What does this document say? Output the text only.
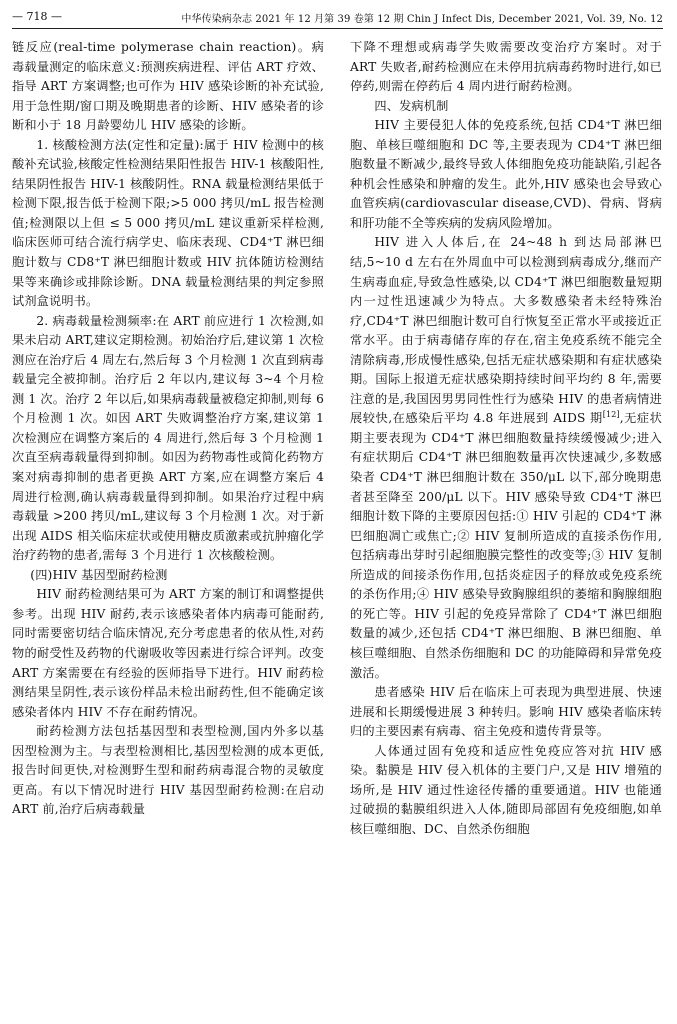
— 718 —	中华传染病杂志 2021 年 12 月第 39 卷第 12 期 Chin J Infect Dis, December 2021, Vol. 39, No. 12

链反应(real-time polymerase chain reaction)。病毒载量测定的临床意义:预测疾病进程、评估 ART 疗效、指导 ART 方案调整;也可作为 HIV 感染诊断的补充试验,用于急性期/窗口期及晚期患者的诊断、HIV 感染者的诊断和小于 18 月龄婴幼儿 HIV 感染的诊断。

1. 核酸检测方法(定性和定量):属于 HIV 检测中的核酸补充试验,核酸定性检测结果阳性报告 HIV-1 核酸阳性,结果阴性报告 HIV-1 核酸阴性。RNA 载量检测结果低于检测下限,报告低于检测下限;>5 000 拷贝/mL 报告检测值;检测限以上但 ≤ 5 000 拷贝/mL 建议重新采样检测,临床医师可结合流行病学史、临床表现、CD4⁺T 淋巴细胞计数与 CD8⁺T 淋巴细胞计数或 HIV 抗体随访检测结果等来确诊或排除诊断。DNA 载量检测结果的判定参照试剂盒说明书。

2. 病毒载量检测频率:在 ART 前应进行 1 次检测,如果未启动 ART,建议定期检测。初始治疗后,建议第 1 次检测应在治疗后 4 周左右,然后每 3 个月检测 1 次直到病毒载量完全被抑制。治疗后 2 年以内,建议每 3~4 个月检测 1 次。治疗 2 年以后,如果病毒载量被稳定抑制,则每 6 个月检测 1 次。如因 ART 失败调整治疗方案,建议第 1 次检测应在调整方案后的 4 周进行,然后每 3 个月检测 1 次直至病毒载量得到抑制。如因为药物毒性或简化药物方案对病毒抑制的患者更换 ART 方案,应在调整方案后 4 周进行检测,确认病毒载量得到抑制。如果治疗过程中病毒载量 >200 拷贝/mL,建议每 3 个月检测 1 次。对于新出现 AIDS 相关临床症状或使用糖皮质激素或抗肿瘤化学治疗药物的患者,需每 3 个月进行 1 次核酸检测。

(四)HIV 基因型耐药检测

HIV 耐药检测结果可为 ART 方案的制订和调整提供参考。出现 HIV 耐药,表示该感染者体内病毒可能耐药,同时需要密切结合临床情况,充分考虑患者的依从性,对药物的耐受性及药物的代谢吸收等因素进行综合评判。改变 ART 方案需要在有经验的医师指导下进行。HIV 耐药检测结果呈阴性,表示该份样品未检出耐药性,但不能确定该感染者体内 HIV 不存在耐药情况。

耐药检测方法包括基因型和表型检测,国内外多以基因型检测为主。与表型检测相比,基因型检测的成本更低,报告时间更快,对检测野生型和耐药病毒混合物的灵敏度更高。有以下情况时进行 HIV 基因型耐药检测:在启动 ART 前,治疗后病毒载量

下降不理想或病毒学失败需要改变治疗方案时。对于 ART 失败者,耐药检测应在未停用抗病毒药物时进行,如已停药,则需在停药后 4 周内进行耐药检测。

四、发病机制

HIV 主要侵犯人体的免疫系统,包括 CD4⁺T 淋巴细胞、单核巨噬细胞和 DC 等,主要表现为 CD4⁺T 淋巴细胞数量不断减少,最终导致人体细胞免疫功能缺陷,引起各种机会性感染和肿瘤的发生。此外,HIV 感染也会导致心血管疾病(cardiovascular disease,CVD)、骨病、肾病和肝功能不全等疾病的发病风险增加。

HIV 进入人体后,在 24~48 h 到达局部淋巴结,5~10 d 左右在外周血中可以检测到病毒成分,继而产生病毒血症,导致急性感染,以 CD4⁺T 淋巴细胞数量短期内一过性迅速减少为特点。大多数感染者未经特殊治疗,CD4⁺T 淋巴细胞计数可自行恢复至正常水平或接近正常水平。由于病毒储存库的存在,宿主免疫系统不能完全清除病毒,形成慢性感染,包括无症状感染期和有症状感染期。国际上报道无症状感染期持续时间平均约 8 年,需要注意的是,我国因男男同性性行为感染 HIV 的患者病情进展较快,在感染后平均 4.8 年进展到 AIDS 期[12],无症状期主要表现为 CD4⁺T 淋巴细胞数量持续缓慢减少;进入有症状期后 CD4⁺T 淋巴细胞数量再次快速减少,多数感染者 CD4⁺T 淋巴细胞计数在 350/μL 以下,部分晚期患者甚至降至 200/μL 以下。HIV 感染导致 CD4⁺T 淋巴细胞计数下降的主要原因包括:① HIV 引起的 CD4⁺T 淋巴细胞凋亡或焦亡;② HIV 复制所造成的直接杀伤作用,包括病毒出芽时引起细胞膜完整性的改变等;③ HIV 复制所造成的间接杀伤作用,包括炎症因子的释放或免疫系统的杀伤作用;④ HIV 感染导致胸腺组织的萎缩和胸腺细胞的死亡等。HIV 引起的免疫异常除了 CD4⁺T 淋巴细胞数量的减少,还包括 CD4⁺T 淋巴细胞、B 淋巴细胞、单核巨噬细胞、自然杀伤细胞和 DC 的功能障碍和异常免疫激活。

患者感染 HIV 后在临床上可表现为典型进展、快速进展和长期缓慢进展 3 种转归。影响 HIV 感染者临床转归的主要因素有病毒、宿主免疫和遗传背景等。

人体通过固有免疫和适应性免疫应答对抗 HIV 感染。黏膜是 HIV 侵入机体的主要门户,又是 HIV 增殖的场所,是 HIV 通过性途径传播的重要通道。HIV 也能通过破损的黏膜组织进入人体,随即局部固有免疫细胞,如单核巨噬细胞、DC、自然杀伤细胞
